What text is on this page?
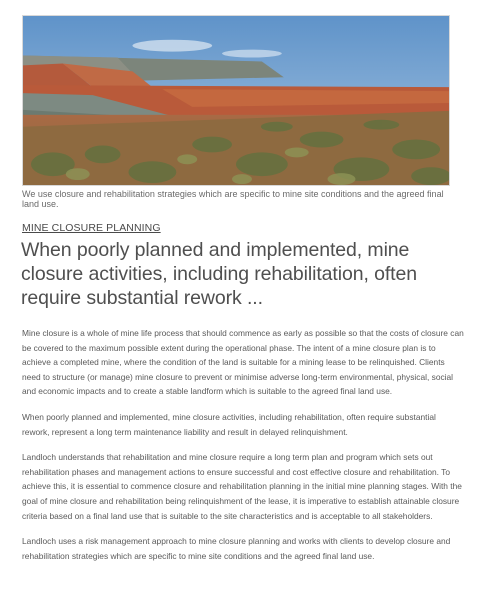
We use closure and rehabilitation strategies which are specific to mine site conditions and the agreed final land use.
MINE CLOSURE PLANNING
When poorly planned and implemented, mine closure activities, including rehabilitation, often require substantial rework ...

Mine closure is a whole of mine life process that should commence as early as possible so that the costs of closure can be covered to the maximum possible extent during the operational phase. The intent of a mine closure plan is to achieve a completed mine, where the condition of the land is suitable for a mining lease to be relinquished. Clients need to structure (or manage) mine closure to prevent or minimise adverse long-term environmental, physical, social and economic impacts and to create a stable landform which is suitable to the agreed final land use.

When poorly planned and implemented, mine closure activities, including rehabilitation, often require substantial rework, represent a long term maintenance liability and result in delayed relinquishment.

Landloch understands that rehabilitation and mine closure require a long term plan and program which sets out rehabilitation phases and management actions to ensure successful and cost effective closure and rehabilitation. To achieve this, it is essential to commence closure and rehabilitation planning in the initial mine planning stages. With the goal of mine closure and rehabilitation being relinquishment of the lease, it is imperative to establish attainable closure criteria based on a final land use that is suitable to the site characteristics and is acceptable to all stakeholders.

Landloch uses a risk management approach to mine closure planning and works with clients to develop closure and rehabilitation strategies which are specific to mine site conditions and the agreed final land use.
